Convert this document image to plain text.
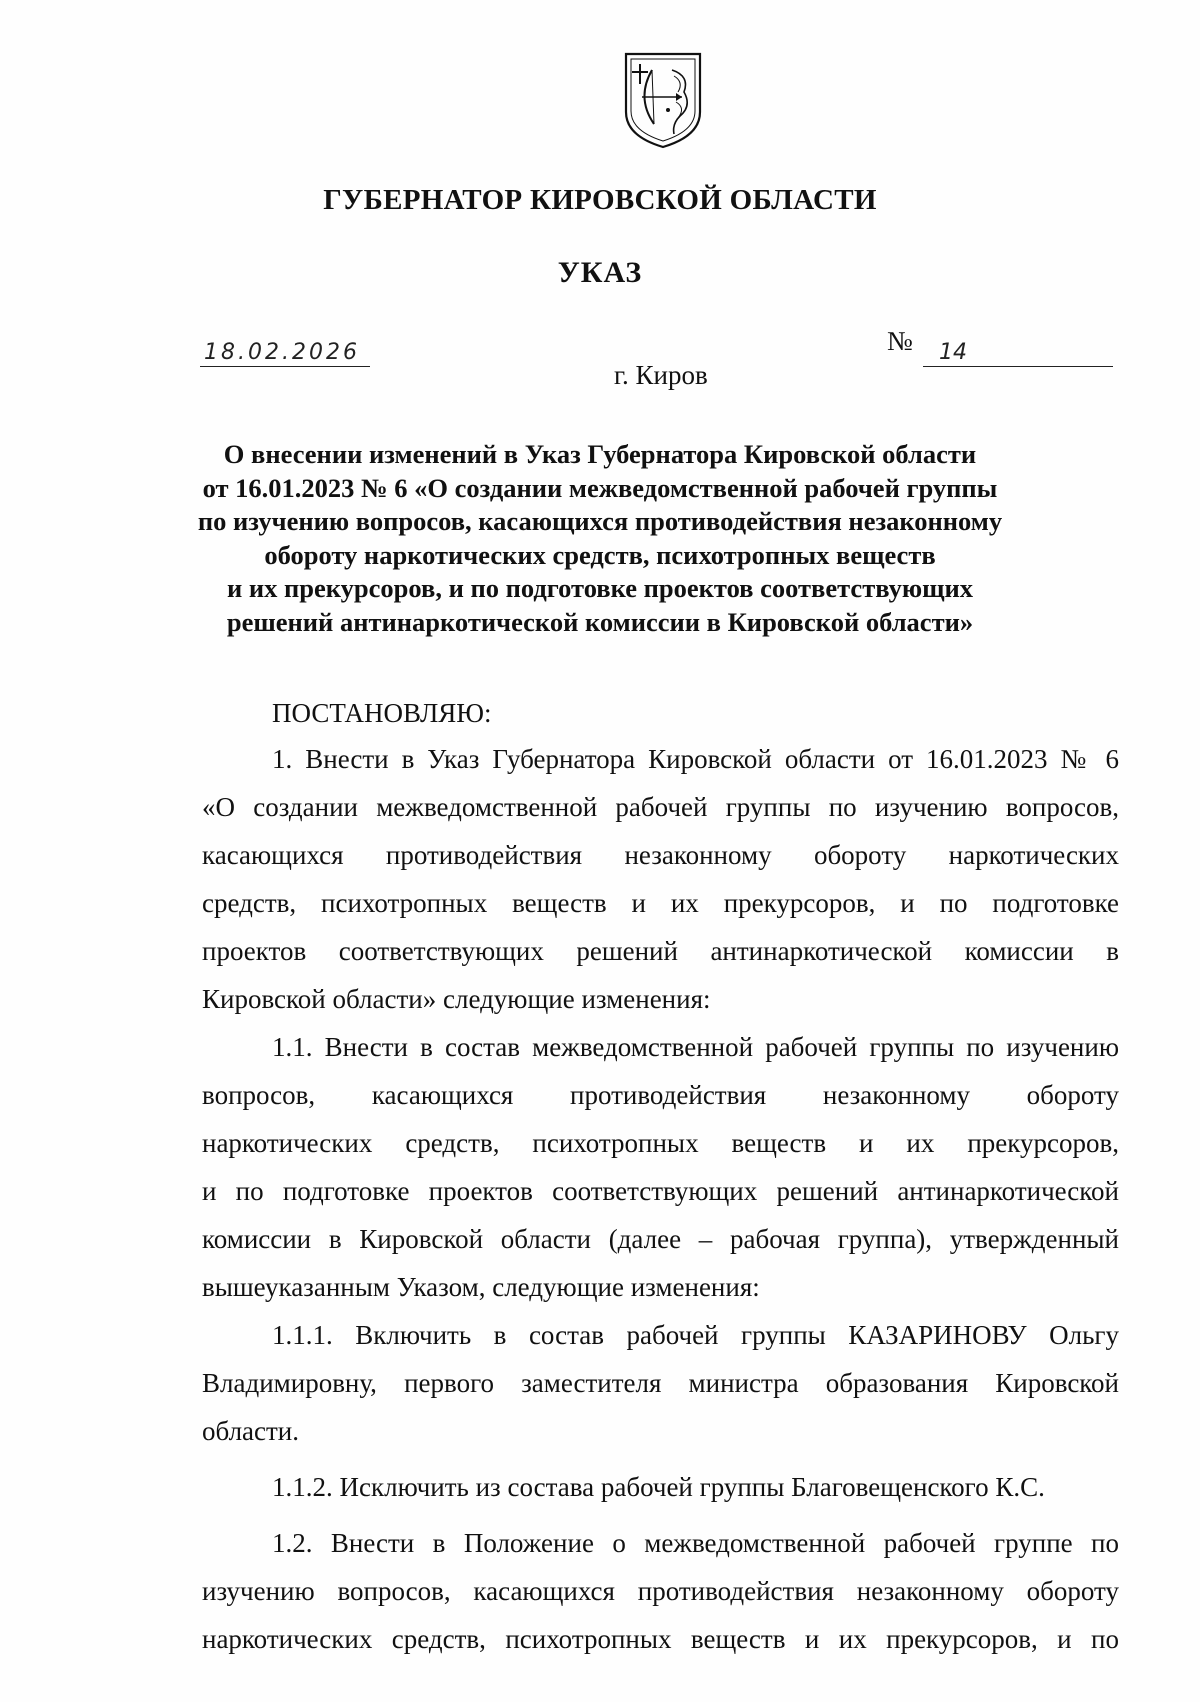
ГУБЕРНАТОР КИРОВСКОЙ ОБЛАСТИ
УКАЗ
18.02.2026	№ 14
г. Киров
О внесении изменений в Указ Губернатора Кировской области
от 16.01.2023 № 6 «О создании межведомственной рабочей группы
по изучению вопросов, касающихся противодействия незаконному
обороту наркотических средств, психотропных веществ
и их прекурсоров, и по подготовке проектов соответствующих
решений антинаркотической комиссии в Кировской области»
ПОСТАНОВЛЯЮ:
1. Внести в Указ Губернатора Кировской области от 16.01.2023 № 6
«О создании межведомственной рабочей группы по изучению вопросов,
касающихся противодействия незаконному обороту наркотических
средств, психотропных веществ и их прекурсоров, и по подготовке
проектов соответствующих решений антинаркотической комиссии в
Кировской области» следующие изменения:
1.1. Внести в состав межведомственной рабочей группы по изучению
вопросов, касающихся противодействия незаконному обороту
наркотических средств, психотропных веществ и их прекурсоров,
и по подготовке проектов соответствующих решений антинаркотической
комиссии в Кировской области (далее – рабочая группа), утвержденный
вышеуказанным Указом, следующие изменения:
1.1.1. Включить в состав рабочей группы КАЗАРИНОВУ Ольгу
Владимировну, первого заместителя министра образования Кировской
области.
1.1.2. Исключить из состава рабочей группы Благовещенского К.С.
1.2. Внести в Положение о межведомственной рабочей группе по
изучению вопросов, касающихся противодействия незаконному обороту
наркотических средств, психотропных веществ и их прекурсоров, и по
